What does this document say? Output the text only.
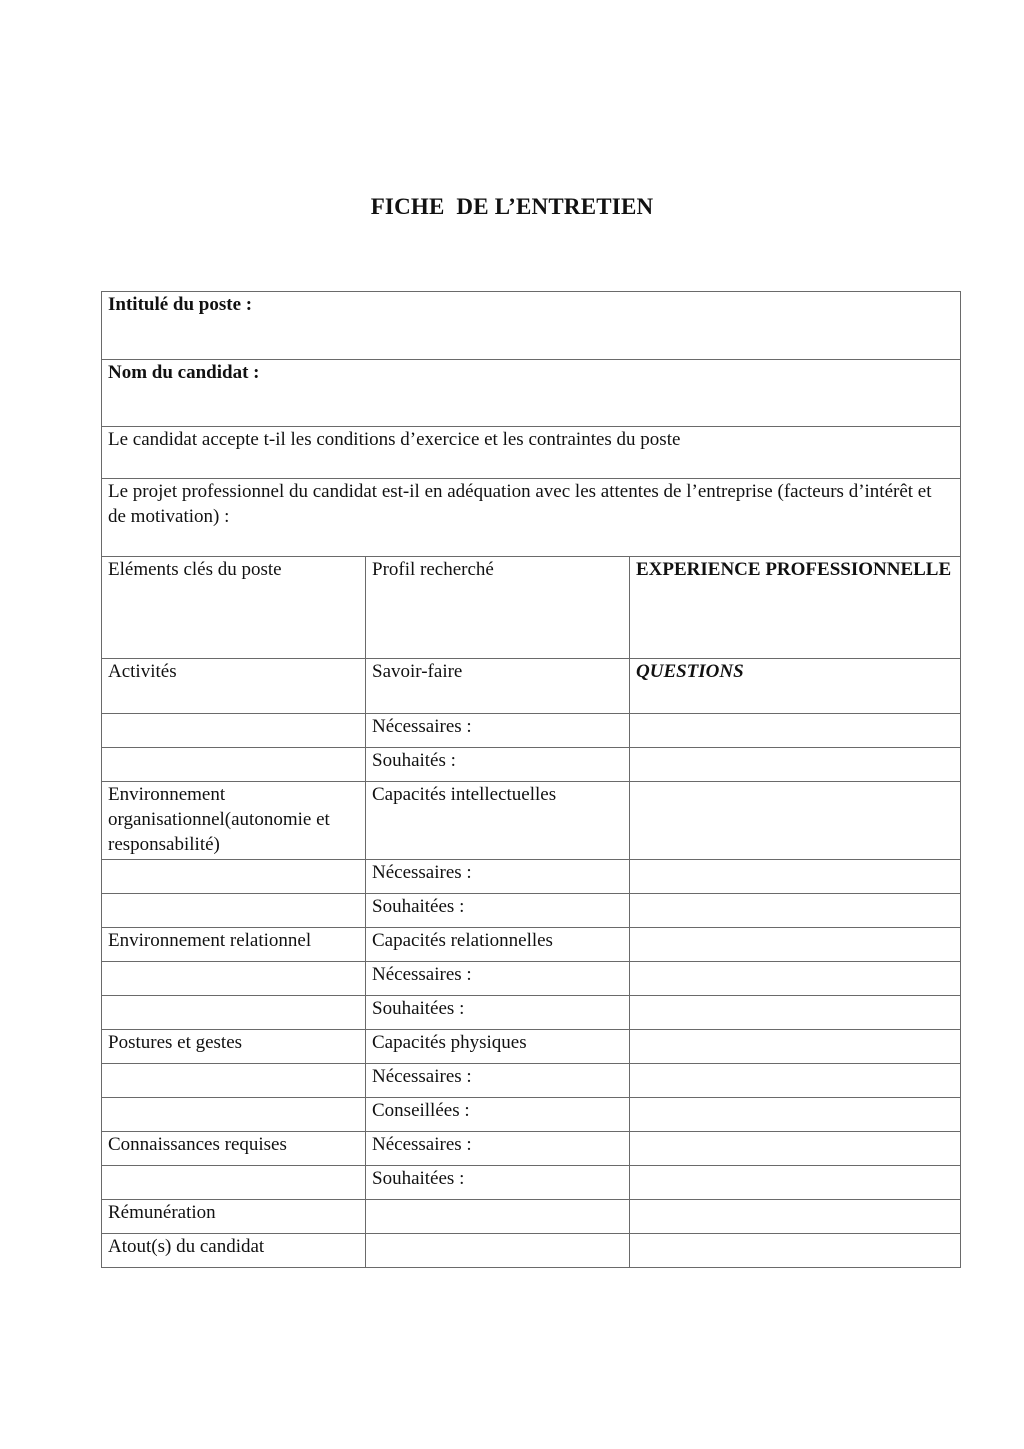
FICHE  DE L’ENTRETIEN
Intitulé du poste :		
Nom du candidat :		
Le candidat accepte t-il les conditions d’exercice et les contraintes du poste		
Le projet professionnel du candidat est-il en adéquation avec les attentes de l’entreprise (facteurs d’intérêt et de motivation) :		
Eléments clés du poste	Profil recherché	EXPERIENCE PROFESSIONNELLE
Activités	Savoir-faire	QUESTIONS
	Nécessaires :	
	Souhaités :	
Environnement organisationnel(autonomie et responsabilité)	Capacités intellectuelles	
	Nécessaires :	
	Souhaitées :	
Environnement relationnel	Capacités relationnelles	
	Nécessaires :	
	Souhaitées :	
Postures et gestes	Capacités physiques	
	Nécessaires :	
	Conseillées :	
Connaissances requises	Nécessaires :	
	Souhaitées :	
Rémunération		
Atout(s) du candidat		
